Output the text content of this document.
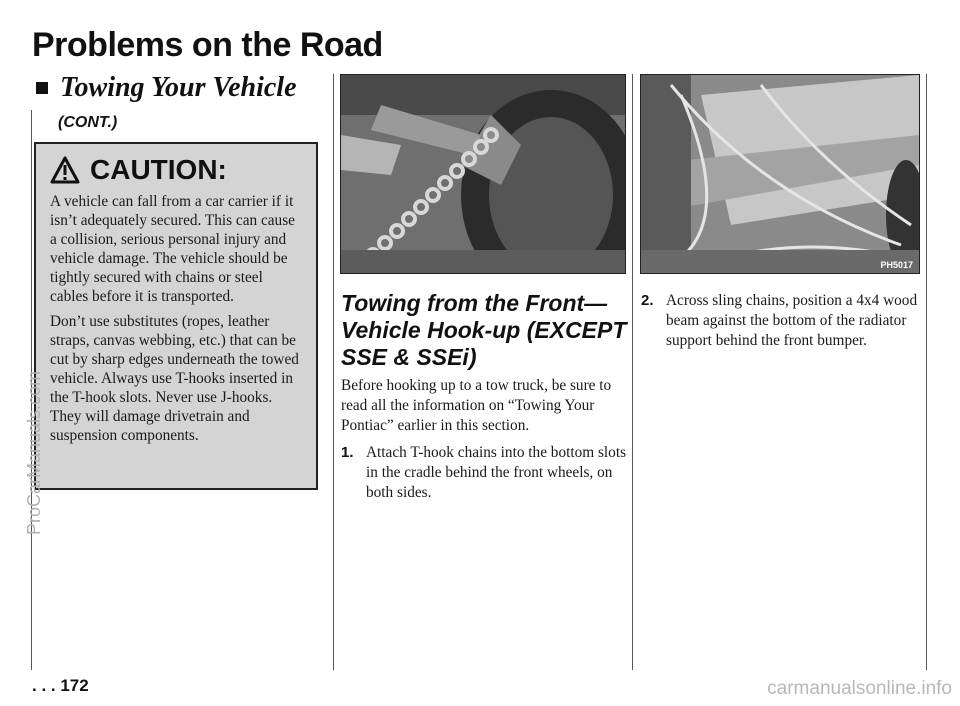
Problems on the Road
Towing Your Vehicle
(CONT.)
CAUTION:

A vehicle can fall from a car carrier if it isn’t adequately secured. This can cause a collision, serious personal injury and vehicle damage. The vehicle should be tightly secured with chains or steel cables before it is transported.

Don’t use substitutes (ropes, leather straps, canvas webbing, etc.) that can be cut by sharp edges underneath the towed vehicle. Always use T-hooks inserted in the T-hook slots. Never use J-hooks. They will damage drivetrain and suspension components.

PH5017
Towing from the Front—Vehicle Hook-up (EXCEPT SSE & SSEi)

Before hooking up to a tow truck, be sure to read all the information on “Towing Your Pontiac” earlier in this section.

1. Attach T-hook chains into the bottom slots in the cradle behind the front wheels, on both sides.

2. Across sling chains, position a 4x4 wood beam against the bottom of the radiator support behind the front bumper.

. . . 172
ProCarManuals.com
carmanualsonline.info
